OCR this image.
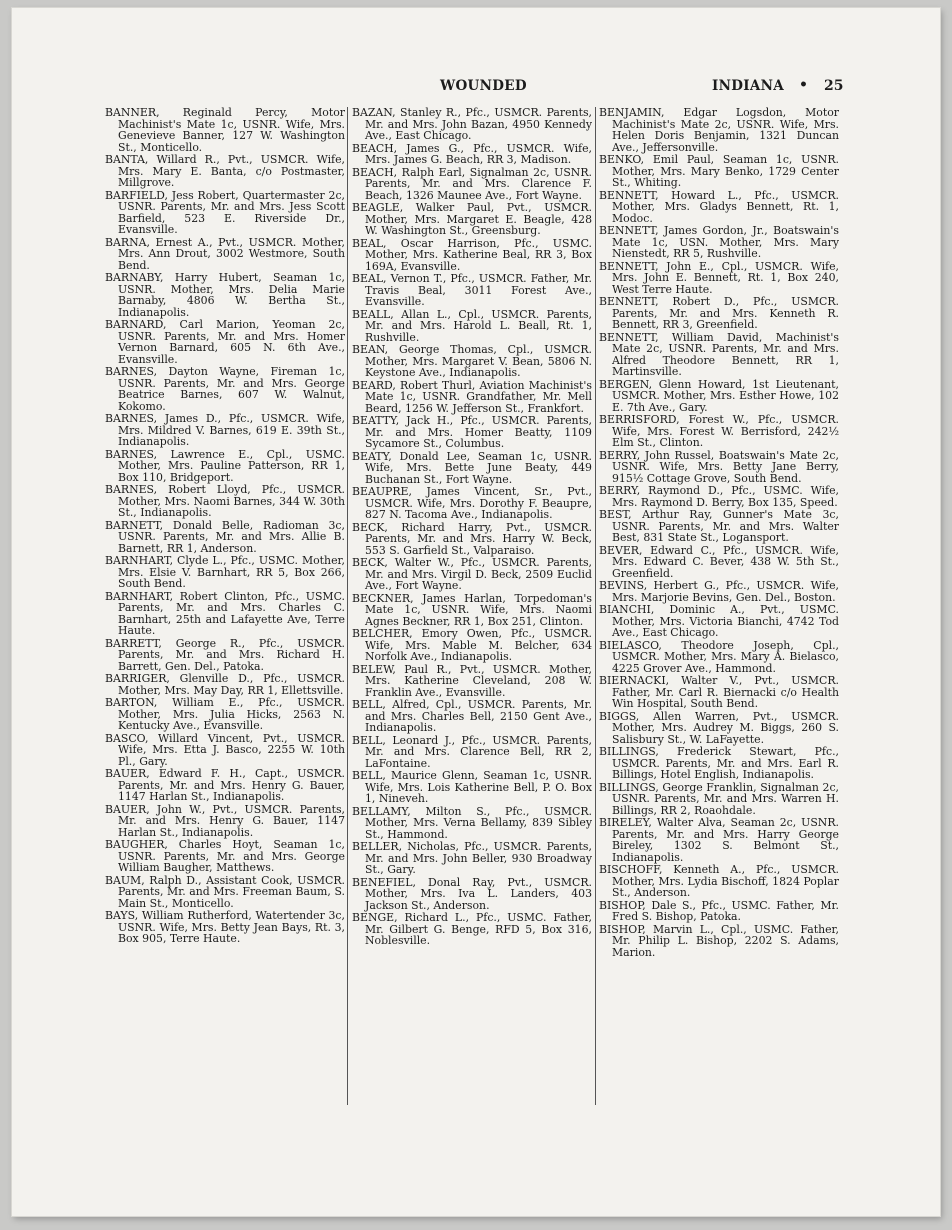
WOUNDED	INDIANA • 25

BANNER, Reginald Percy, Motor Machinist's Mate 1c, USNR. Wife, Mrs. Genevieve Banner, 127 W. Washington St., Monticello.

BANTA, Willard R., Pvt., USMCR. Wife, Mrs. Mary E. Banta, c/o Postmaster, Millgrove.

BARFIELD, Jess Robert, Quartermaster 2c, USNR. Parents, Mr. and Mrs. Jess Scott Barfield, 523 E. Riverside Dr., Evansville.

BARNA, Ernest A., Pvt., USMCR. Mother, Mrs. Ann Drout, 3002 Westmore, South Bend.

BARNABY, Harry Hubert, Seaman 1c, USNR. Mother, Mrs. Delia Marie Barnaby, 4806 W. Bertha St., Indianapolis.

BARNARD, Carl Marion, Yeoman 2c, USNR. Parents, Mr. and Mrs. Homer Vernon Barnard, 605 N. 6th Ave., Evansville.

BARNES, Dayton Wayne, Fireman 1c, USNR. Parents, Mr. and Mrs. George Beatrice Barnes, 607 W. Walnut, Kokomo.

BARNES, James D., Pfc., USMCR. Wife, Mrs. Mildred V. Barnes, 619 E. 39th St., Indianapolis.

BARNES, Lawrence E., Cpl., USMC. Mother, Mrs. Pauline Patterson, RR 1, Box 110, Bridgeport.

BARNES, Robert Lloyd, Pfc., USMCR. Mother, Mrs. Naomi Barnes, 344 W. 30th St., Indianapolis.

BARNETT, Donald Belle, Radioman 3c, USNR. Parents, Mr. and Mrs. Allie B. Barnett, RR 1, Anderson.

BARNHART, Clyde L., Pfc., USMC. Mother, Mrs. Elsie V. Barnhart, RR 5, Box 266, South Bend.

BARNHART, Robert Clinton, Pfc., USMC. Parents, Mr. and Mrs. Charles C. Barnhart, 25th and Lafayette Ave, Terre Haute.

BARRETT, George R., Pfc., USMCR. Parents, Mr. and Mrs. Richard H. Barrett, Gen. Del., Patoka.

BARRIGER, Glenville D., Pfc., USMCR. Mother, Mrs. May Day, RR 1, Ellettsville.

BARTON, William E., Pfc., USMCR. Mother, Mrs. Julia Hicks, 2563 N. Kentucky Ave., Evansville.

BASCO, Willard Vincent, Pvt., USMCR. Wife, Mrs. Etta J. Basco, 2255 W. 10th Pl., Gary.

BAUER, Edward F. H., Capt., USMCR. Parents, Mr. and Mrs. Henry G. Bauer, 1147 Harlan St., Indianapolis.

BAUER, John W., Pvt., USMCR. Parents, Mr. and Mrs. Henry G. Bauer, 1147 Harlan St., Indianapolis.

BAUGHER, Charles Hoyt, Seaman 1c, USNR. Parents, Mr. and Mrs. George William Baugher, Matthews.

BAUM, Ralph D., Assistant Cook, USMCR. Parents, Mr. and Mrs. Freeman Baum, S. Main St., Monticello.

BAYS, William Rutherford, Watertender 3c, USNR. Wife, Mrs. Betty Jean Bays, Rt. 3, Box 905, Terre Haute.

BAZAN, Stanley R., Pfc., USMCR. Parents, Mr. and Mrs. John Bazan, 4950 Kennedy Ave., East Chicago.

BEACH, James G., Pfc., USMCR. Wife, Mrs. James G. Beach, RR 3, Madison.

BEACH, Ralph Earl, Signalman 2c, USNR. Parents, Mr. and Mrs. Clarence F. Beach, 1326 Maunee Ave., Fort Wayne.

BEAGLE, Walker Paul, Pvt., USMCR. Mother, Mrs. Margaret E. Beagle, 428 W. Washington St., Greensburg.

BEAL, Oscar Harrison, Pfc., USMC. Mother, Mrs. Katherine Beal, RR 3, Box 169A, Evansville.

BEAL, Vernon T., Pfc., USMCR. Father, Mr. Travis Beal, 3011 Forest Ave., Evansville.

BEALL, Allan L., Cpl., USMCR. Parents, Mr. and Mrs. Harold L. Beall, Rt. 1, Rushville.

BEAN, George Thomas, Cpl., USMCR. Mother, Mrs. Margaret V. Bean, 5806 N. Keystone Ave., Indianapolis.

BEARD, Robert Thurl, Aviation Machinist's Mate 1c, USNR. Grandfather, Mr. Mell Beard, 1256 W. Jefferson St., Frankfort.

BEATTY, Jack H., Pfc., USMCR. Parents, Mr. and Mrs. Homer Beatty, 1109 Sycamore St., Columbus.

BEATY, Donald Lee, Seaman 1c, USNR. Wife, Mrs. Bette June Beaty, 449 Buchanan St., Fort Wayne.

BEAUPRE, James Vincent, Sr., Pvt., USMCR. Wife, Mrs. Dorothy F. Beaupre, 827 N. Tacoma Ave., Indianapolis.

BECK, Richard Harry, Pvt., USMCR. Parents, Mr. and Mrs. Harry W. Beck, 553 S. Garfield St., Valparaiso.

BECK, Walter W., Pfc., USMCR. Parents, Mr. and Mrs. Virgil D. Beck, 2509 Euclid Ave., Fort Wayne.

BECKNER, James Harlan, Torpedoman's Mate 1c, USNR. Wife, Mrs. Naomi Agnes Beckner, RR 1, Box 251, Clinton.

BELCHER, Emory Owen, Pfc., USMCR. Wife, Mrs. Mable M. Belcher, 634 Norfolk Ave., Indianapolis.

BELEW, Paul R., Pvt., USMCR. Mother, Mrs. Katherine Cleveland, 208 W. Franklin Ave., Evansville.

BELL, Alfred, Cpl., USMCR. Parents, Mr. and Mrs. Charles Bell, 2150 Gent Ave., Indianapolis.

BELL, Leonard J., Pfc., USMCR. Parents, Mr. and Mrs. Clarence Bell, RR 2, LaFontaine.

BELL, Maurice Glenn, Seaman 1c, USNR. Wife, Mrs. Lois Katherine Bell, P. O. Box 1, Nineveh.

BELLAMY, Milton S., Pfc., USMCR. Mother, Mrs. Verna Bellamy, 839 Sibley St., Hammond.

BELLER, Nicholas, Pfc., USMCR. Parents, Mr. and Mrs. John Beller, 930 Broadway St., Gary.

BENEFIEL, Donal Ray, Pvt., USMCR. Mother, Mrs. Iva L. Landers, 403 Jackson St., Anderson.

BENGE, Richard L., Pfc., USMC. Father, Mr. Gilbert G. Benge, RFD 5, Box 316, Noblesville.

BENJAMIN, Edgar Logsdon, Motor Machinist's Mate 2c, USNR. Wife, Mrs. Helen Doris Benjamin, 1321 Duncan Ave., Jeffersonville.

BENKO, Emil Paul, Seaman 1c, USNR. Mother, Mrs. Mary Benko, 1729 Center St., Whiting.

BENNETT, Howard L., Pfc., USMCR. Mother, Mrs. Gladys Bennett, Rt. 1, Modoc.

BENNETT, James Gordon, Jr., Boatswain's Mate 1c, USN. Mother, Mrs. Mary Nienstedt, RR 5, Rushville.

BENNETT, John E., Cpl., USMCR. Wife, Mrs. John E. Bennett, Rt. 1, Box 240, West Terre Haute.

BENNETT, Robert D., Pfc., USMCR. Parents, Mr. and Mrs. Kenneth R. Bennett, RR 3, Greenfield.

BENNETT, William David, Machinist's Mate 2c, USNR. Parents, Mr. and Mrs. Alfred Theodore Bennett, RR 1, Martinsville.

BERGEN, Glenn Howard, 1st Lieutenant, USMCR. Mother, Mrs. Esther Howe, 102 E. 7th Ave., Gary.

BERRISFORD, Forest W., Pfc., USMCR. Wife, Mrs. Forest W. Berrisford, 242½ Elm St., Clinton.

BERRY, John Russel, Boatswain's Mate 2c, USNR. Wife, Mrs. Betty Jane Berry, 915½ Cottage Grove, South Bend.

BERRY, Raymond D., Pfc., USMC. Wife, Mrs. Raymond D. Berry, Box 135, Speed.

BEST, Arthur Ray, Gunner's Mate 3c, USNR. Parents, Mr. and Mrs. Walter Best, 831 State St., Logansport.

BEVER, Edward C., Pfc., USMCR. Wife, Mrs. Edward C. Bever, 438 W. 5th St., Greenfield.

BEVINS, Herbert G., Pfc., USMCR. Wife, Mrs. Marjorie Bevins, Gen. Del., Boston.

BIANCHI, Dominic A., Pvt., USMC. Mother, Mrs. Victoria Bianchi, 4742 Tod Ave., East Chicago.

BIELASCO, Theodore Joseph, Cpl., USMCR. Mother, Mrs. Mary A. Bielasco, 4225 Grover Ave., Hammond.

BIERNACKI, Walter V., Pvt., USMCR. Father, Mr. Carl R. Biernacki c/o Health Win Hospital, South Bend.

BIGGS, Allen Warren, Pvt., USMCR. Mother, Mrs. Audrey M. Biggs, 260 S. Salisbury St., W. LaFayette.

BILLINGS, Frederick Stewart, Pfc., USMCR. Parents, Mr. and Mrs. Earl R. Billings, Hotel English, Indianapolis.

BILLINGS, George Franklin, Signalman 2c, USNR. Parents, Mr. and Mrs. Warren H. Billings, RR 2, Roaohdale.

BIRELEY, Walter Alva, Seaman 2c, USNR. Parents, Mr. and Mrs. Harry George Bireley, 1302 S. Belmont St., Indianapolis.

BISCHOFF, Kenneth A., Pfc., USMCR. Mother, Mrs. Lydia Bischoff, 1824 Poplar St., Anderson.

BISHOP, Dale S., Pfc., USMC. Father, Mr. Fred S. Bishop, Patoka.

BISHOP, Marvin L., Cpl., USMC. Father, Mr. Philip L. Bishop, 2202 S. Adams, Marion.
